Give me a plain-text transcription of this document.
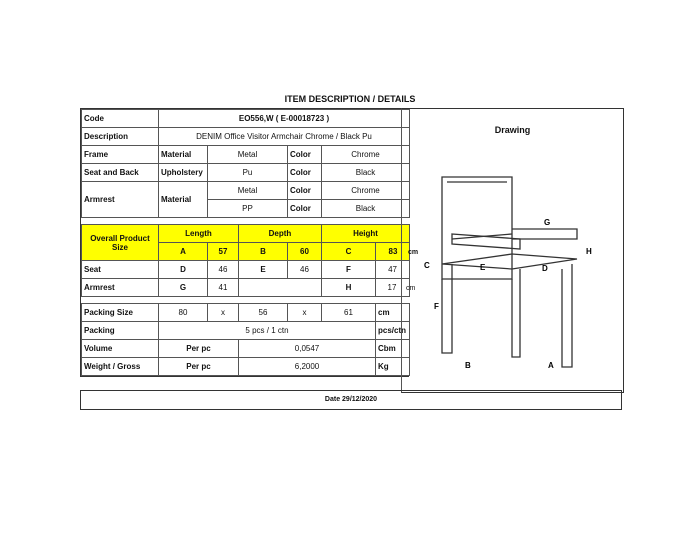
ITEM DESCRIPTION / DETAILS
Code	EO556,W ( E-00018723 )					
Description	DENIM Office Visitor Armchair Chrome / Black Pu					
Frame	Material	Metal		Color	Chrome	
Seat and Back	Upholstery	Pu		Color	Black	
Armrest	Material	Metal		Color	Chrome	
		PP		Color	Black	

Overall Product Size	Length		Depth		Height	
	A	57	B	60	C	83 cm
Seat	D	46	E	46	F	47
Armrest	G	41			H	17 cm

Packing Size	80	x	56	x	61	cm
Packing	5 pcs / 1 ctn					pcs/ctn
Volume	Per pc		0,0547			Cbm
Weight / Gross	Per pc		6,2000			Kg
Drawing
G
H
C	E	D
F
B	A
Date 29/12/2020
